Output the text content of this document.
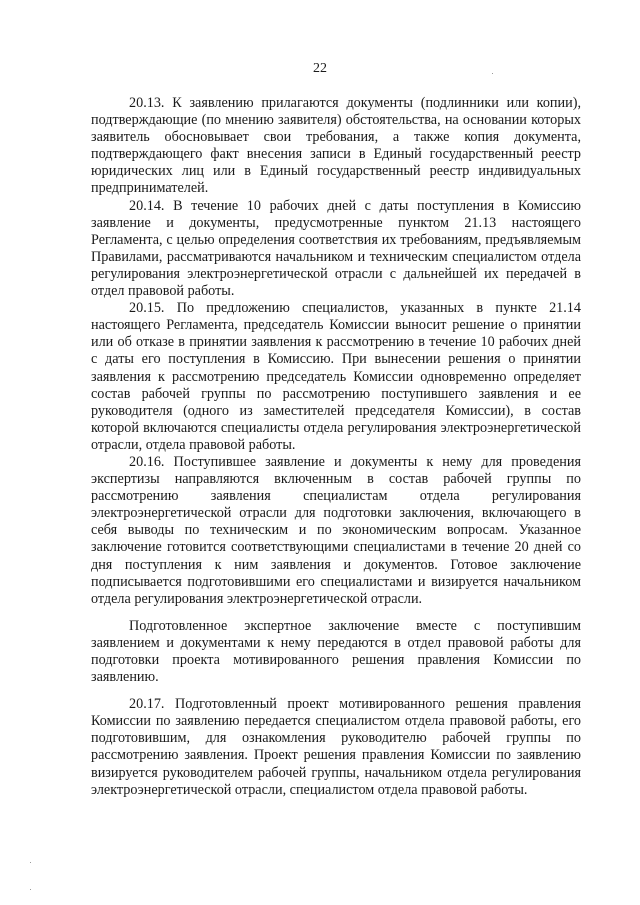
22

20.13. К заявлению прилагаются документы (подлинники или копии), подтверждающие (по мнению заявителя) обстоятельства, на основании которых заявитель обосновывает свои требования, а также копия документа, подтверждающего факт внесения записи в Единый государственный реестр юридических лиц или в Единый государственный реестр индивидуальных предпринимателей.

20.14. В течение 10 рабочих дней с даты поступления в Комиссию заявление и документы, предусмотренные пунктом 21.13 настоящего Регламента, с целью определения соответствия их требованиям, предъявляемым Правилами, рассматриваются начальником и техническим специалистом отдела регулирования электроэнергетической отрасли с дальнейшей их передачей в отдел правовой работы.

20.15. По предложению специалистов, указанных в пункте 21.14 настоящего Регламента, председатель Комиссии выносит решение о принятии или об отказе в принятии заявления к рассмотрению в течение 10 рабочих дней с даты его поступления в Комиссию. При вынесении решения о принятии заявления к рассмотрению председатель Комиссии одновременно определяет состав рабочей группы по рассмотрению поступившего заявления и ее руководителя (одного из заместителей председателя Комиссии), в состав которой включаются специалисты отдела регулирования электроэнергетической отрасли, отдела правовой работы.

20.16. Поступившее заявление и документы к нему для проведения экспертизы направляются включенным в состав рабочей группы по рассмотрению заявления специалистам отдела регулирования электроэнергетической отрасли для подготовки заключения, включающего в себя выводы по техническим и по экономическим вопросам. Указанное заключение готовится соответствующими специалистами в течение 20 дней со дня поступления к ним заявления и документов. Готовое заключение подписывается подготовившими его специалистами и визируется начальником отдела регулирования электроэнергетической отрасли.

Подготовленное экспертное заключение вместе с поступившим заявлением и документами к нему передаются в отдел правовой работы для подготовки проекта мотивированного решения правления Комиссии по заявлению.

20.17. Подготовленный проект мотивированного решения правления Комиссии по заявлению передается специалистом отдела правовой работы, его подготовившим, для ознакомления руководителю рабочей группы по рассмотрению заявления. Проект решения правления Комиссии по заявлению визируется руководителем рабочей группы, начальником отдела регулирования электроэнергетической отрасли, специалистом отдела правовой работы.
